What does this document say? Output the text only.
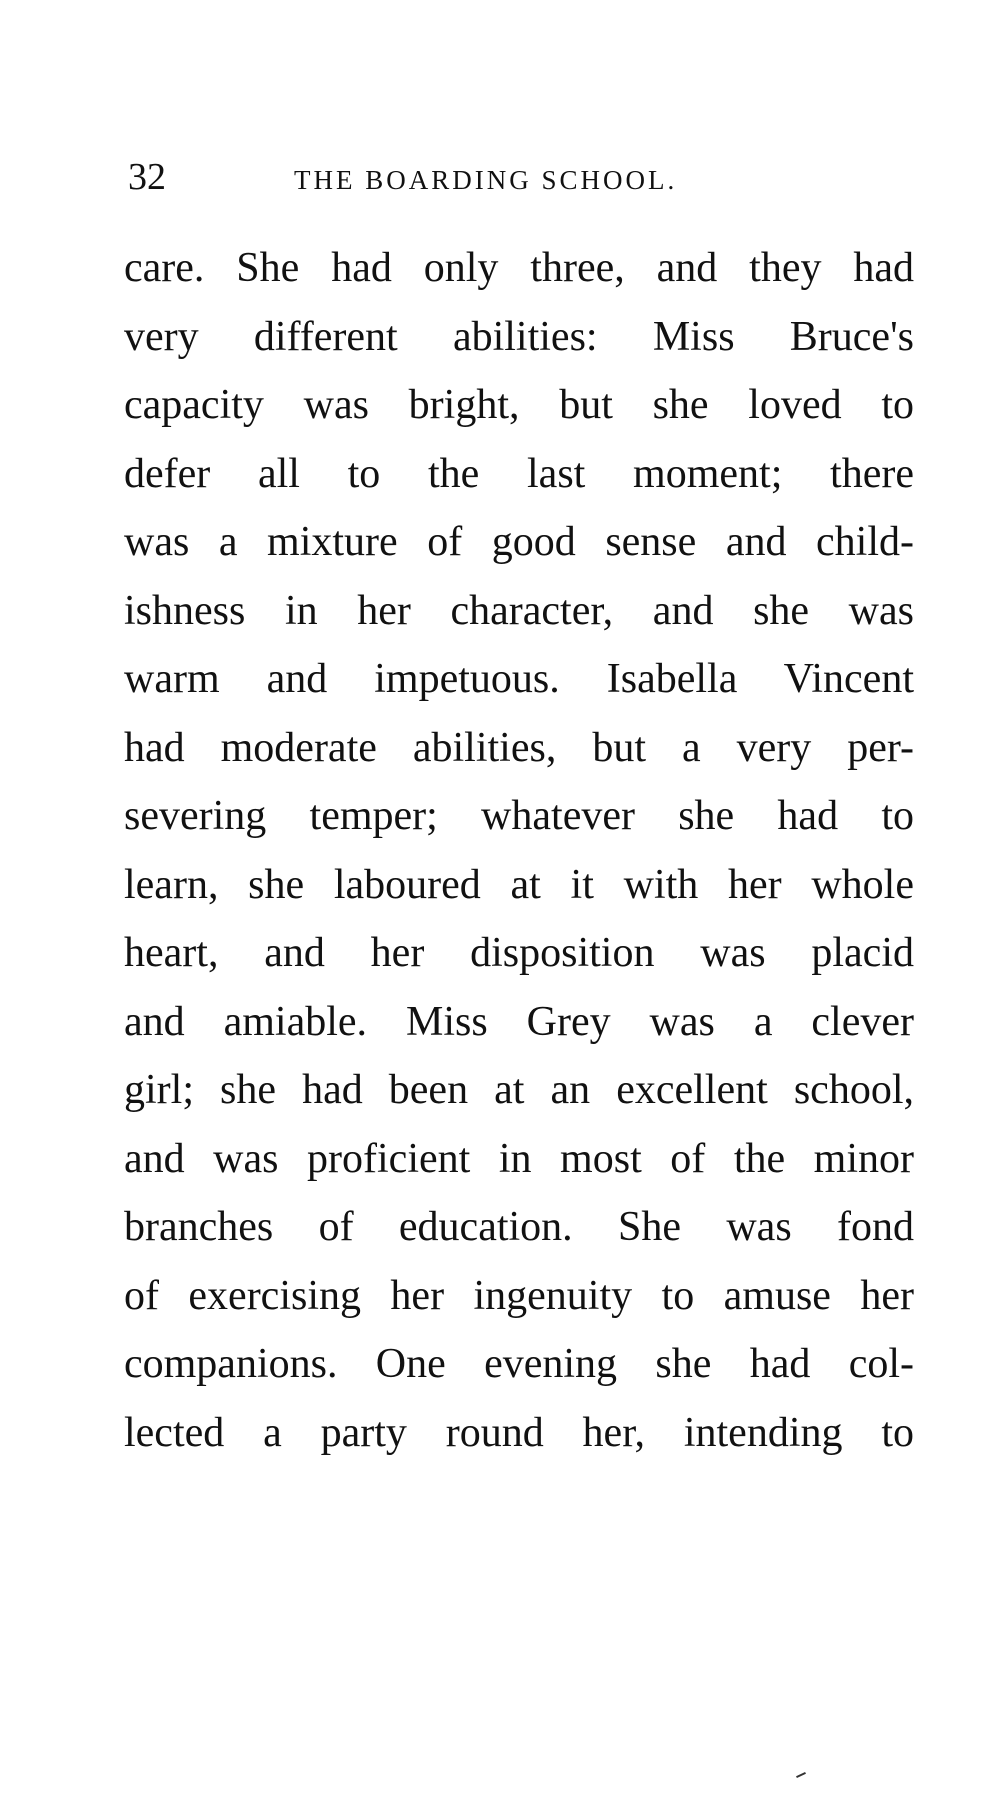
32	THE BOARDING SCHOOL.
care. She had only three, and they had
very different abilities: Miss Bruce's
capacity was bright, but she loved to
defer all to the last moment; there
was a mixture of good sense and child-
ishness in her character, and she was
warm and impetuous. Isabella Vincent
had moderate abilities, but a very per-
severing temper; whatever she had to
learn, she laboured at it with her whole
heart, and her disposition was placid
and amiable. Miss Grey was a clever
girl; she had been at an excellent school,
and was proficient in most of the minor
branches of education. She was fond
of exercising her ingenuity to amuse her
companions. One evening she had col-
lected a party round her, intending to
